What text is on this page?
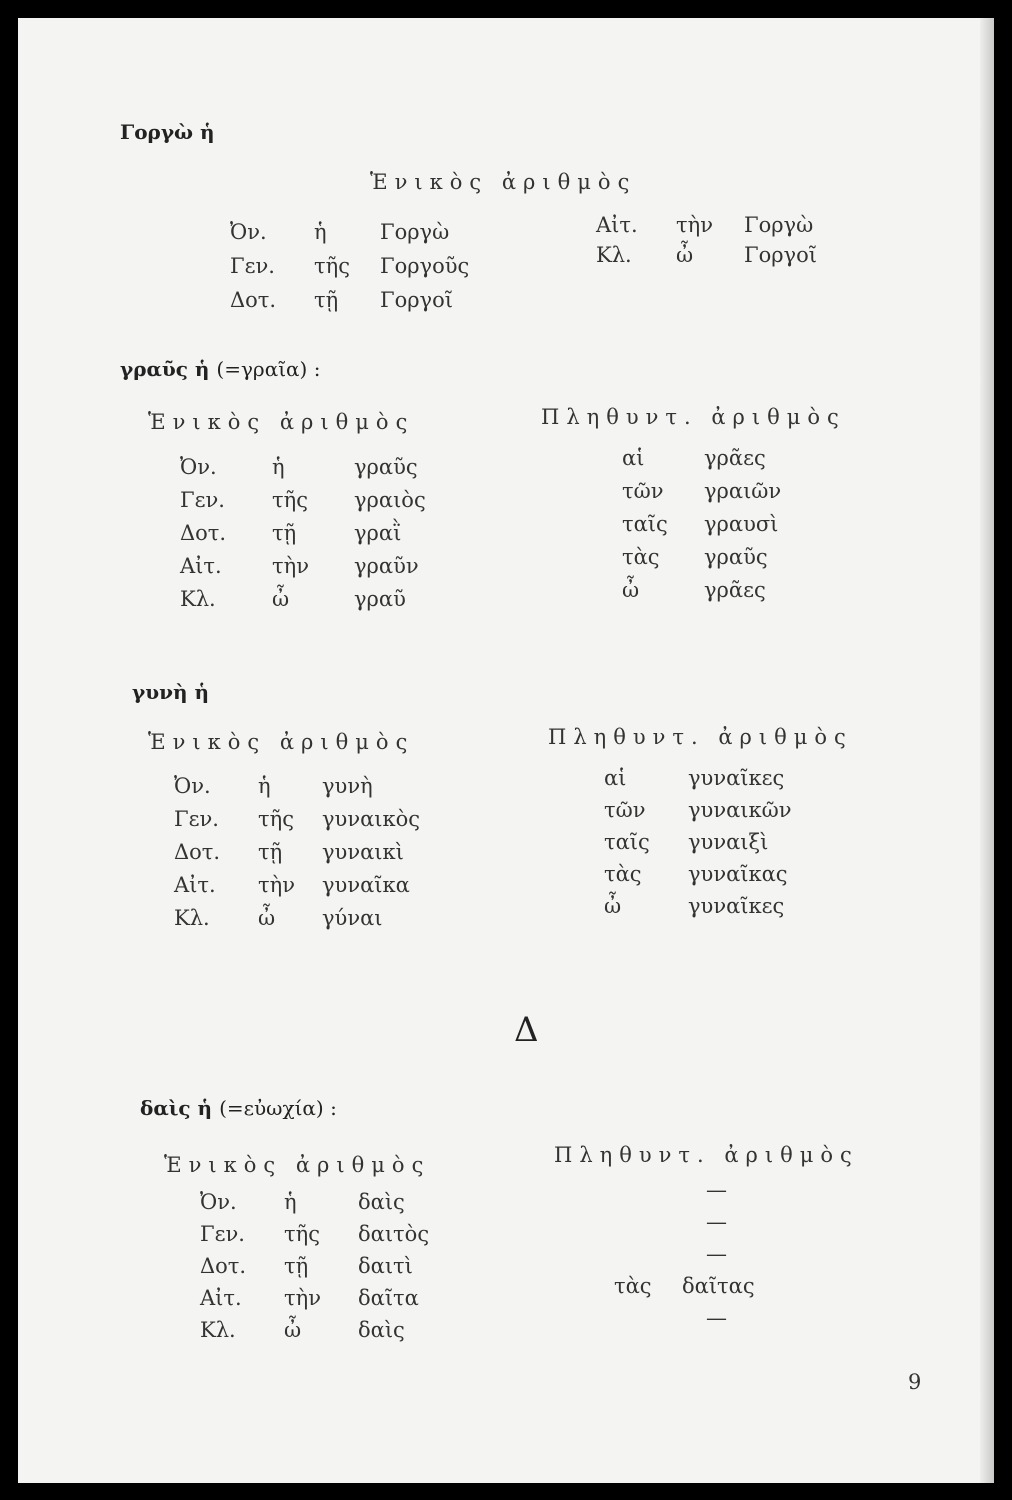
Γοργὼ ἡ
Ἑνικὸς ἀριθμὸς
Ὀν. ἡ	Γοργὼ
Γεν. τῆς Γοργοῦς
Δοτ. τῇ Γοργοῖ
Αἰτ. τὴν Γοργὼ
Κλ. ὦ Γοργοῖ
γραῦς ἡ (=γραῖα) :
Ἑνικὸς ἀριθμὸς	Πληθυντ. ἀριθμὸς
Ὀν.	ἡ	γραῦς
Γεν. τῆς γραιὸς
Δοτ. τῇ	γραῒ
Αἰτ. τὴν γραῦν
Κλ.	ὦ	γραῦ
αἱ	γρᾶες
τῶν γραιῶν
ταῖς γραυσὶ
τὰς γραῦς
ὦ	γρᾶες
γυνὴ ἡ
Ἑνικὸς ἀριθμὸς	Πληθυντ. ἀριθμὸς
Ὀν. ἡ γυνὴ
Γεν. τῆς γυναικὸς
Δοτ. τῇ γυναικὶ
Αἰτ. τὴν γυναῖκα
Κλ. ὦ γύναι
αἱ	γυναῖκες
τῶν γυναικῶν
ταῖς γυναιξὶ
τὰς γυναῖκας
ὦ	γυναῖκες
Δ
δαὶς ἡ (=εὐωχία) :
Ἑνικὸς ἀριθμὸς	Πληθυντ. ἀριθμὸς
Ὀν. ἡ	δαὶς
Γεν. τῆς δαιτὸς
Δοτ. τῇ δαιτὶ
Αἰτ. τὴν δαῖτα
Κλ. ὦ	δαὶς
—
—
—
τὰς δαῖτας
—
9
